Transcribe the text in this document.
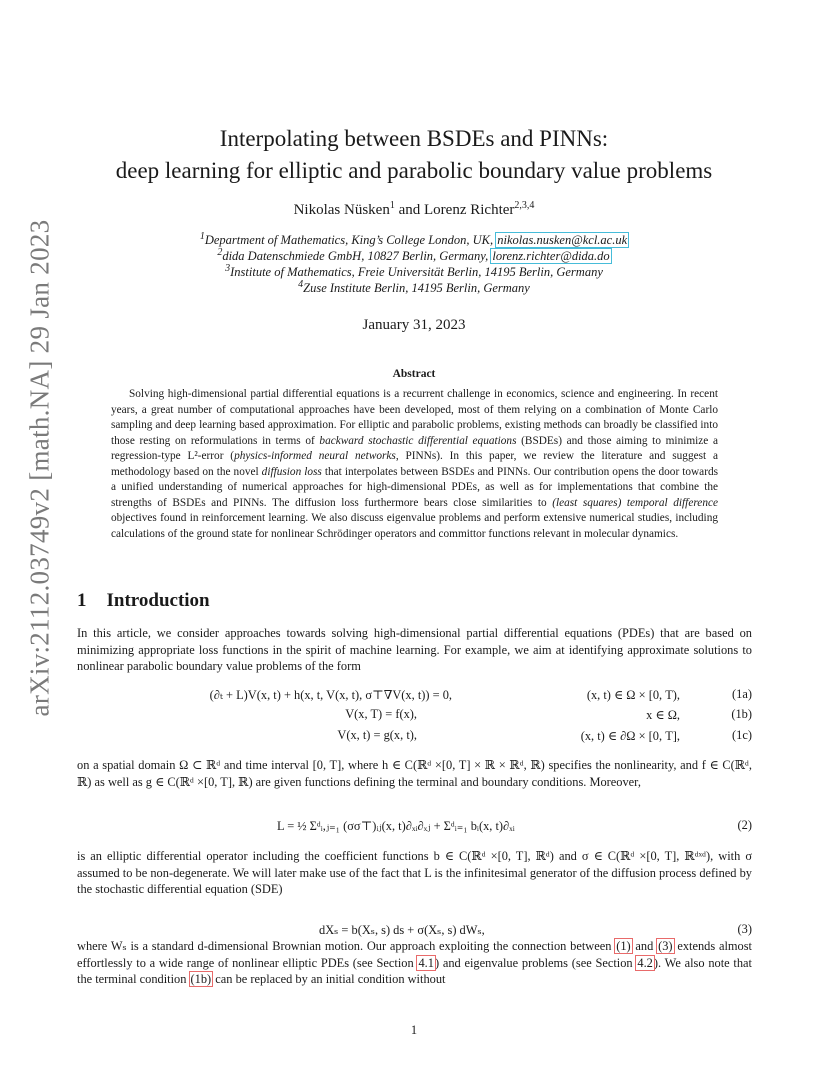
arXiv:2112.03749v2 [math.NA] 29 Jan 2023
Interpolating between BSDEs and PINNs:
deep learning for elliptic and parabolic boundary value problems
Nikolas Nüsken$^1$ and Lorenz Richter$^{2,3,4}$
$^1$Department of Mathematics, King’s College London, UK, nikolas.nusken@kcl.ac.uk
$^2$dida Datenschmiede GmbH, 10827 Berlin, Germany, lorenz.richter@dida.do
$^3$Institute of Mathematics, Freie Universität Berlin, 14195 Berlin, Germany
$^4$Zuse Institute Berlin, 14195 Berlin, Germany
January 31, 2023
Abstract
Solving high-dimensional partial differential equations is a recurrent challenge in economics, science and engineering. In recent years, a great number of computational approaches have been developed, most of them relying on a combination of Monte Carlo sampling and deep learning based approximation. For elliptic and parabolic problems, existing methods can broadly be classified into those resting on reformulations in terms of backward stochastic differential equations (BSDEs) and those aiming to minimize a regression-type L²-error (physics-informed neural networks, PINNs). In this paper, we review the literature and suggest a methodology based on the novel diffusion loss that interpolates between BSDEs and PINNs. Our contribution opens the door towards a unified understanding of numerical approaches for high-dimensional PDEs, as well as for implementations that combine the strengths of BSDEs and PINNs. The diffusion loss furthermore bears close similarities to (least squares) temporal difference objectives found in reinforcement learning. We also discuss eigenvalue problems and perform extensive numerical studies, including calculations of the ground state for nonlinear Schrödinger operators and committor functions relevant in molecular dynamics.
1 Introduction
In this article, we consider approaches towards solving high-dimensional partial differential equations (PDEs) that are based on minimizing appropriate loss functions in the spirit of machine learning. For example, we aim at identifying approximate solutions to nonlinear parabolic boundary value problems of the form
(∂ₜ + L)V(x, t) + h(x, t, V(x, t), σ⊤∇V(x, t)) = 0,	(x, t) ∈ Ω × [0, T),	(1a)
V(x, T) = f(x),	x ∈ Ω,	(1b)
V(x, t) = g(x, t),	(x, t) ∈ ∂Ω × [0, T],	(1c)
on a spatial domain Ω ⊂ ℝᵈ and time interval [0, T], where h ∈ C(ℝᵈ ×[0, T] × ℝ × ℝᵈ, ℝ) specifies the nonlinearity, and f ∈ C(ℝᵈ, ℝ) as well as g ∈ C(ℝᵈ ×[0, T], ℝ) are given functions defining the terminal and boundary conditions. Moreover,
L = ½ Σᵈᵢ,ⱼ₌₁ (σσ⊤)ᵢⱼ(x, t)∂ₓᵢ∂ₓⱼ + Σᵈᵢ₌₁ bᵢ(x, t)∂ₓᵢ	(2)
is an elliptic differential operator including the coefficient functions b ∈ C(ℝᵈ ×[0, T], ℝᵈ) and σ ∈ C(ℝᵈ ×[0, T], ℝᵈˣᵈ), with σ assumed to be non-degenerate. We will later make use of the fact that L is the infinitesimal generator of the diffusion process defined by the stochastic differential equation (SDE)
dXₛ = b(Xₛ, s) ds + σ(Xₛ, s) dWₛ,	(3)
where Wₛ is a standard d-dimensional Brownian motion. Our approach exploiting the connection between (1) and (3) extends almost effortlessly to a wide range of nonlinear elliptic PDEs (see Section 4.1) and eigenvalue problems (see Section 4.2). We also note that the terminal condition (1b) can be replaced by an initial condition without
1
